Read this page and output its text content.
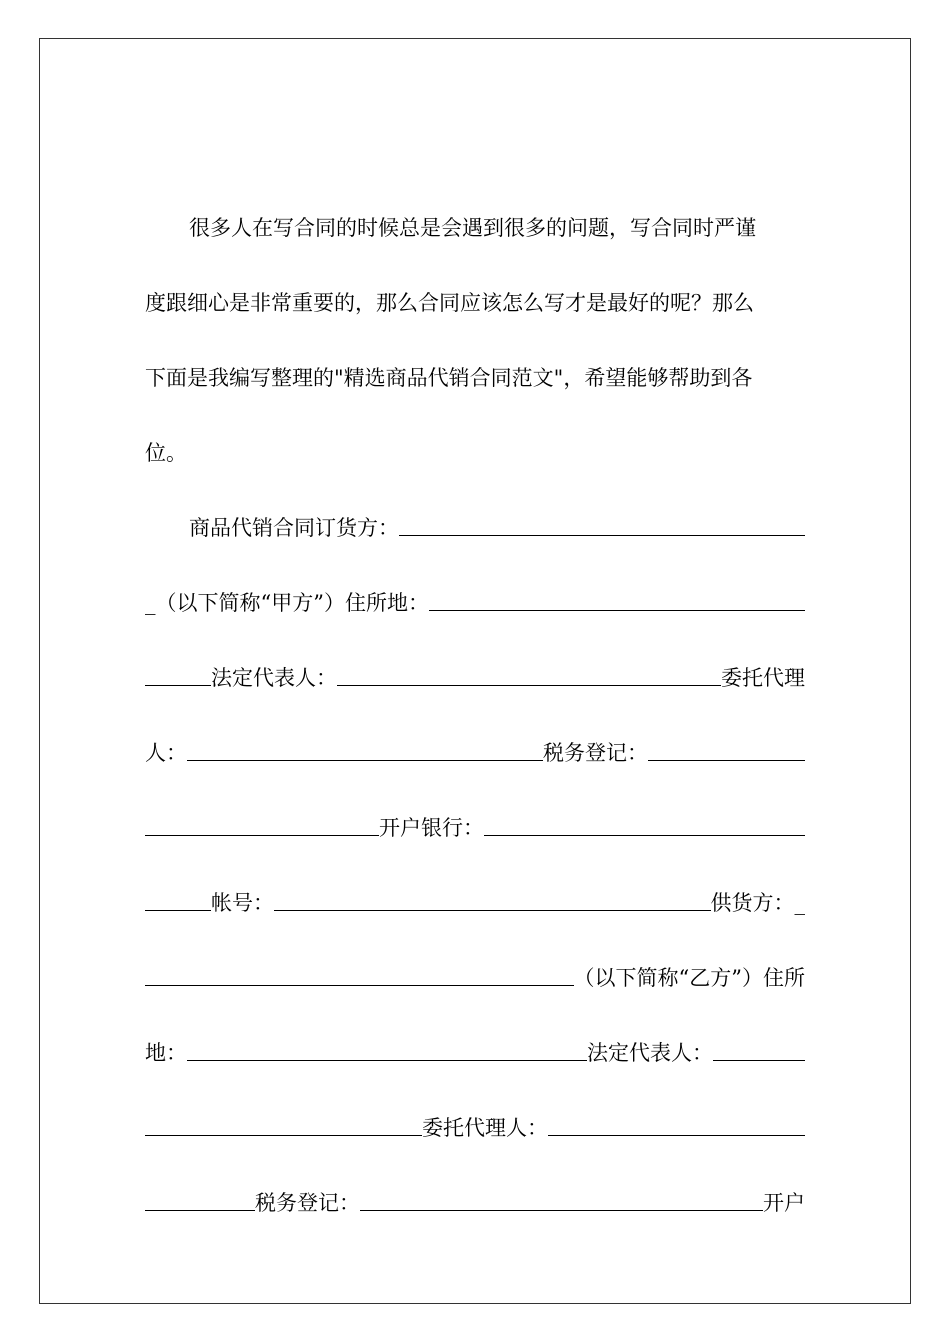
很多人在写合同的时候总是会遇到很多的问题，写合同时严谨
度跟细心是非常重要的，那么合同应该怎么写才是最好的呢？那么
下面是我编写整理的"精选商品代销合同范文"，希望能够帮助到各
位。
商品代销合同订货方：
_ （以下简称“甲方”）住所地：
法定代表人：	委托代理
人：	税务登记：
开户银行：
帐号：	供货方： _
（以下简称“乙方”）住所
地：	法定代表人：
委托代理人：
税务登记：	开户
